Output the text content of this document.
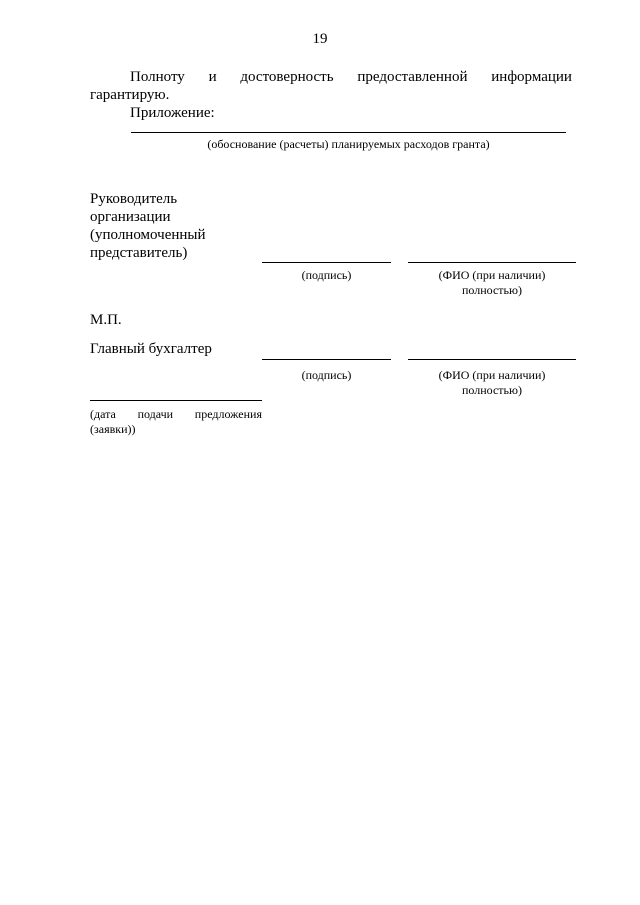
19
Полноту и достоверность предоставленной информации
гарантирую.
Приложение:
(обоснование (расчеты) планируемых расходов гранта)
Руководитель
организации
(уполномоченный
представитель)
(подпись)	(ФИО (при наличии)
полностью)
М.П.
Главный бухгалтер
(подпись)	(ФИО (при наличии)
полностью)
(дата подачи предложения
(заявки))
